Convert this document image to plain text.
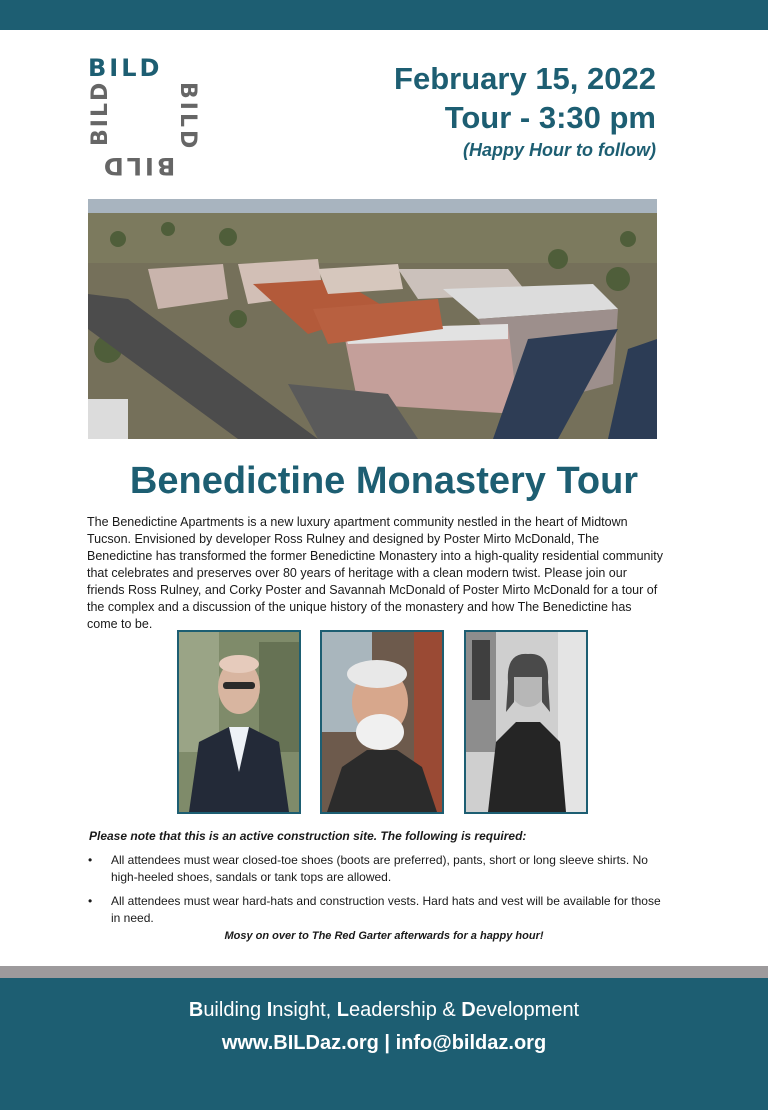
BILD
BILD	BILD
BILD
February 15, 2022
Tour - 3:30 pm
(Happy Hour to follow)
Benedictine Monastery Tour
The Benedictine Apartments is a new luxury apartment community nestled in the heart of Midtown Tucson. Envisioned by developer Ross Rulney and designed by Poster Mirto McDonald, The Benedictine has transformed the former Benedictine Monastery into a high-quality residential community that celebrates and preserves over 80 years of heritage with a clean modern twist. Please join our friends Ross Rulney, and Corky Poster and Savannah McDonald of Poster Mirto McDonald for a tour of the complex and a discussion of the unique history of the monastery and how The Benedictine has come to be.
Please note that this is an active construction site. The following is required:
• All attendees must wear closed-toe shoes (boots are preferred), pants, short or long sleeve shirts. No high-heeled shoes, sandals or tank tops are allowed.
• All attendees must wear hard-hats and construction vests. Hard hats and vest will be available for those in need.
Mosy on over to The Red Garter afterwards for a happy hour!
Building Insight, Leadership & Development
www.BILDaz.org | info@bildaz.org
